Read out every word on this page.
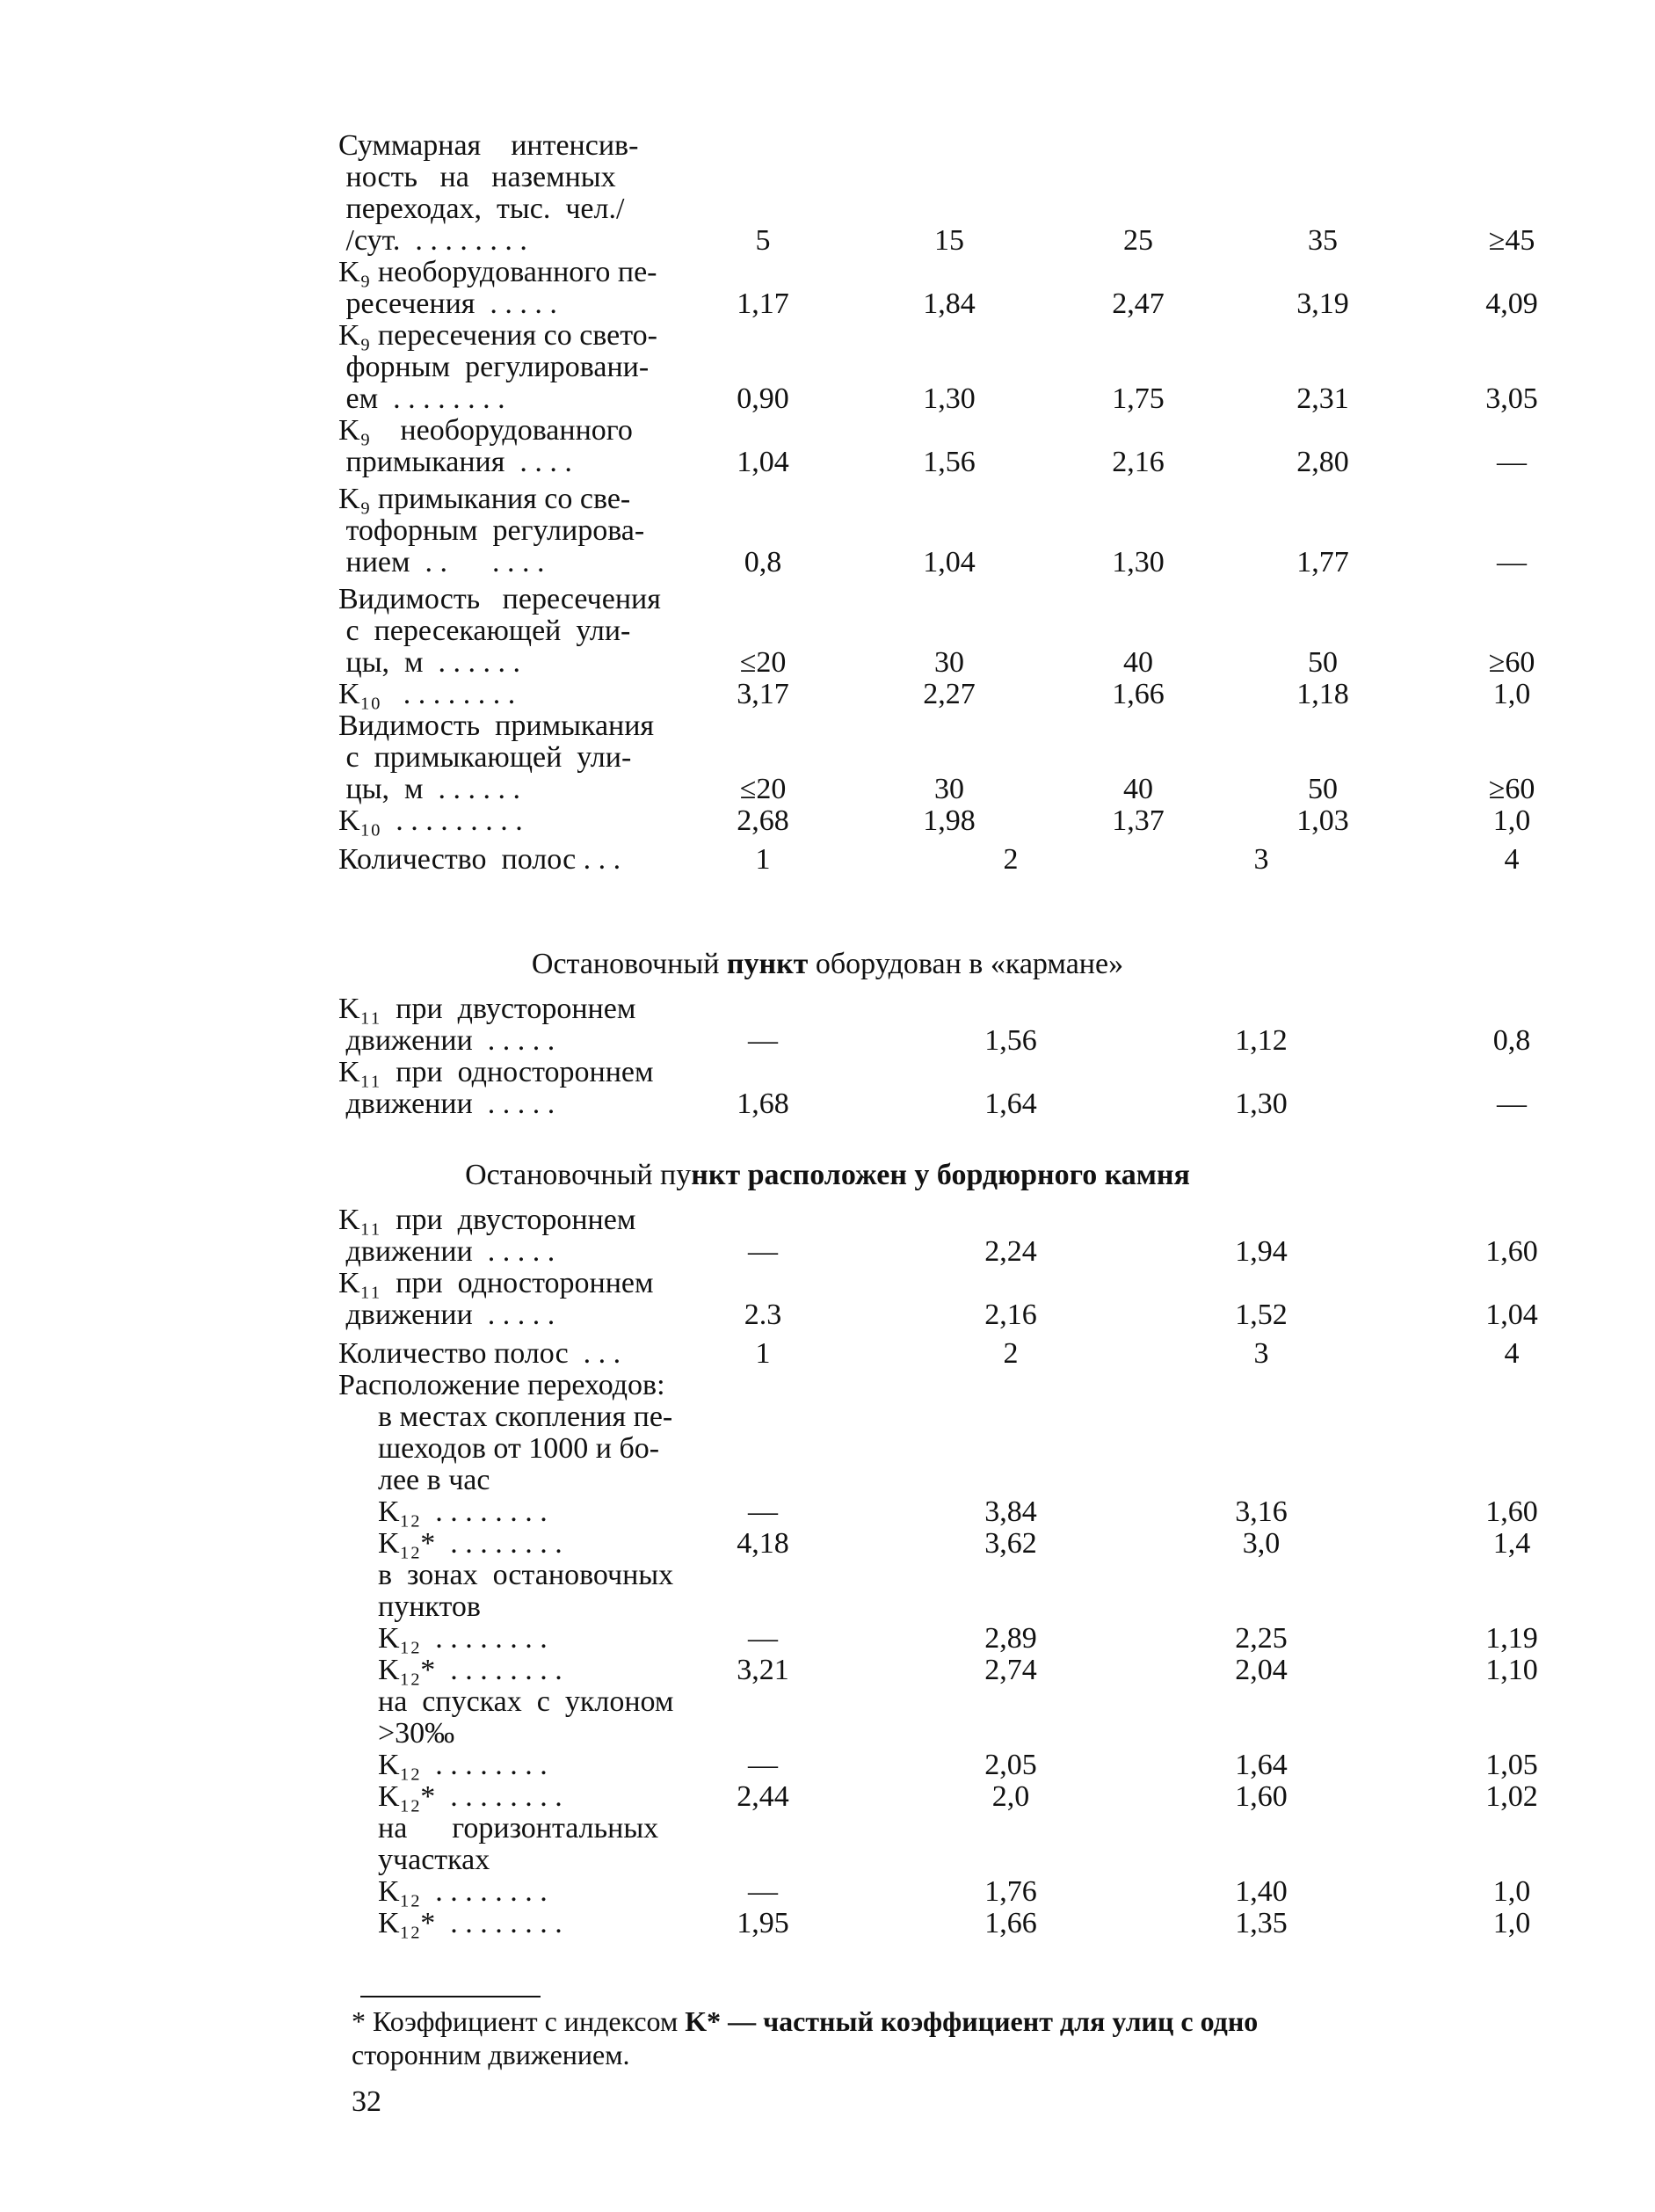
Суммарная    интенсив-
ность   на   наземных
переходах,  тыс.  чел./
/сут.  . . . . . . . .	5	15	25	35	≥45
K₉ необорудованного пе-
ресечения  . . . . .	1,17	1,84	2,47	3,19	4,09
K₉ пересечения со свето-
форным  регулировани-
ем  . . . . . . . .	0,90	1,30	1,75	2,31	3,05
K₉    необорудованного
примыкания  . . . .	1,04	1,56	2,16	2,80	—
K₉ примыкания со све-
тофорным  регулирова-
нием  . .      . . . .	0,8	1,04	1,30	1,77	—
Видимость   пересечения
с  пересекающей  ули-
цы,  м  . . . . . .	≤20	30	40	50	≥60
K₁₀   . . . . . . . .	3,17	2,27	1,66	1,18	1,0
Видимость  примыкания
с  примыкающей  ули-
цы,  м  . . . . . .	≤20	30	40	50	≥60
K₁₀  . . . . . . . . .	2,68	1,98	1,37	1,03	1,0
Количество  полос . . .	1	2	3	4
Остановочный пункт оборудован в «кармане»
K₁₁  при  двустороннем
движении  . . . . .	—	1,56	1,12	0,8
K₁₁  при  одностороннем
движении  . . . . .	1,68	1,64	1,30	—
Остановочный пункт расположен у бордюрного камня
K₁₁  при  двустороннем
движении  . . . . .	—	2,24	1,94	1,60
K₁₁  при  одностороннем
движении  . . . . .	2.3	2,16	1,52	1,04
Количество полос  . . .	1	2	3	4
Расположение переходов:
в местах скопления пе-
шеходов от 1000 и бо-
лее в час
K₁₂  . . . . . . . .	—	3,84	3,16	1,60
K₁₂*  . . . . . . . .	4,18	3,62	3,0	1,4
в  зонах  остановочных
пунктов
K₁₂  . . . . . . . .	—	2,89	2,25	1,19
K₁₂*  . . . . . . . .	3,21	2,74	2,04	1,10
на  спусках  с  уклоном
>30‰
K₁₂  . . . . . . . .	—	2,05	1,64	1,05
K₁₂*  . . . . . . . .	2,44	2,0	1,60	1,02
на      горизонтальных
участках
K₁₂  . . . . . . . .	—	1,76	1,40	1,0
K₁₂*  . . . . . . . .	1,95	1,66	1,35	1,0
* Коэффициент с индексом K* — частный коэффициент для улиц с одно
сторонним движением.
32
